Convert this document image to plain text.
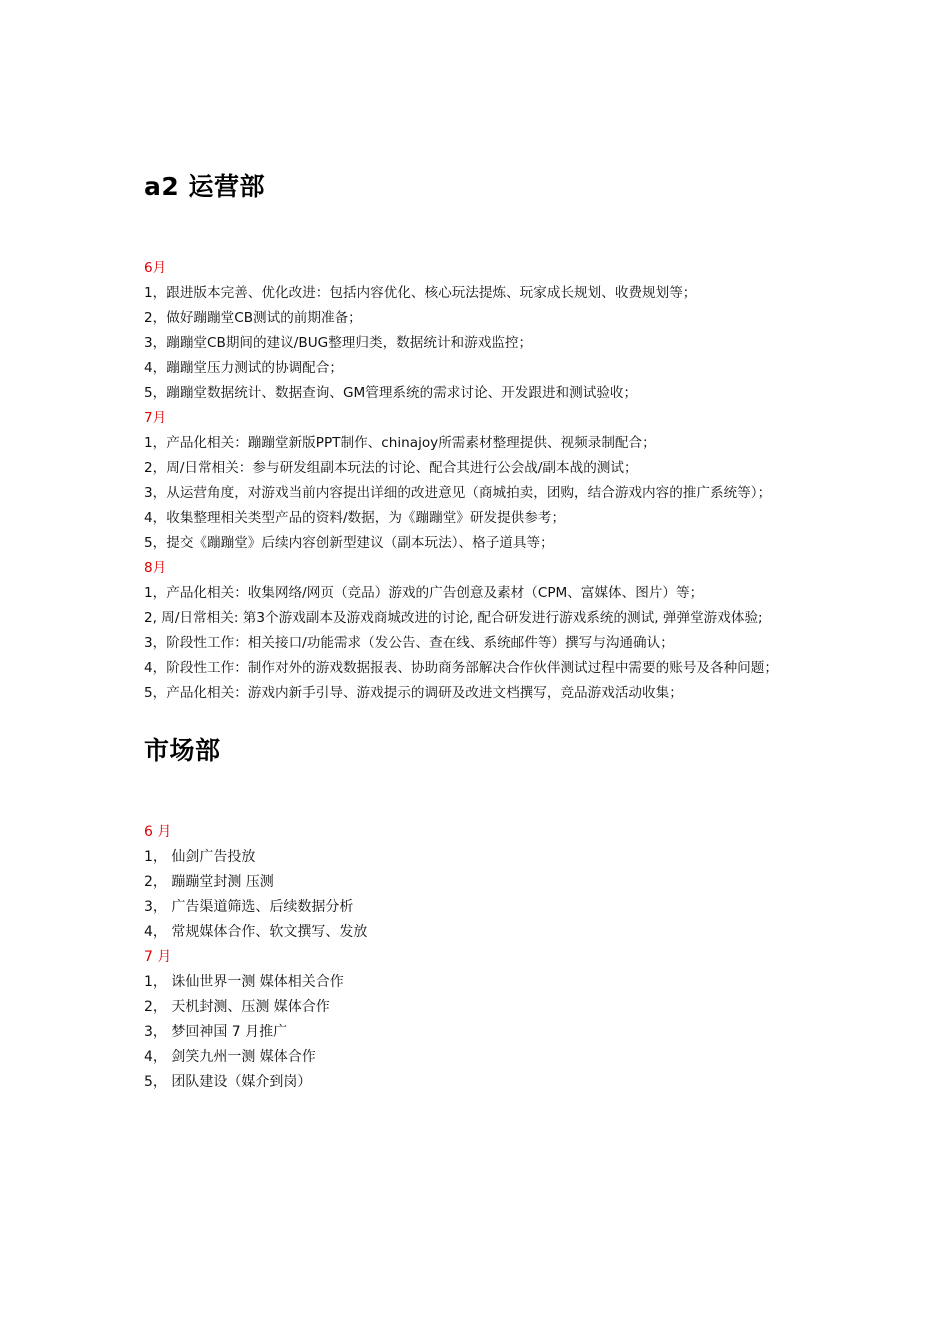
a2 运营部
6月
1，跟进版本完善、优化改进：包括内容优化、核心玩法提炼、玩家成长规划、收费规划等；
2，做好蹦蹦堂CB测试的前期准备；
3，蹦蹦堂CB期间的建议/BUG整理归类，数据统计和游戏监控；
4，蹦蹦堂压力测试的协调配合；
5，蹦蹦堂数据统计、数据查询、GM管理系统的需求讨论、开发跟进和测试验收；
7月
1，产品化相关：蹦蹦堂新版PPT制作、chinajoy所需素材整理提供、视频录制配合；
2，周/日常相关：参与研发组副本玩法的讨论、配合其进行公会战/副本战的测试；
3，从运营角度，对游戏当前内容提出详细的改进意见（商城拍卖，团购，结合游戏内容的推广系统等）；
4，收集整理相关类型产品的资料/数据，为《蹦蹦堂》研发提供参考；
5，提交《蹦蹦堂》后续内容创新型建议（副本玩法）、格子道具等；
8月
1，产品化相关：收集网络/网页（竞品）游戏的广告创意及素材（CPM、富媒体、图片）等；
2, 周/日常相关: 第3个游戏副本及游戏商城改进的讨论, 配合研发进行游戏系统的测试, 弹弹堂游戏体验;
3，阶段性工作：相关接口/功能需求（发公告、查在线、系统邮件等）撰写与沟通确认；
4，阶段性工作：制作对外的游戏数据报表、协助商务部解决合作伙伴测试过程中需要的账号及各种问题；
5，产品化相关：游戏内新手引导、游戏提示的调研及改进文档撰写，竞品游戏活动收集；
市场部
6 月
1， 仙剑广告投放
2， 蹦蹦堂封测 压测
3， 广告渠道筛选、后续数据分析
4， 常规媒体合作、软文撰写、发放
7 月
1， 诛仙世界一测 媒体相关合作
2， 天机封测、压测 媒体合作
3， 梦回神国 7 月推广
4， 剑笑九州一测 媒体合作
5， 团队建设（媒介到岗）
